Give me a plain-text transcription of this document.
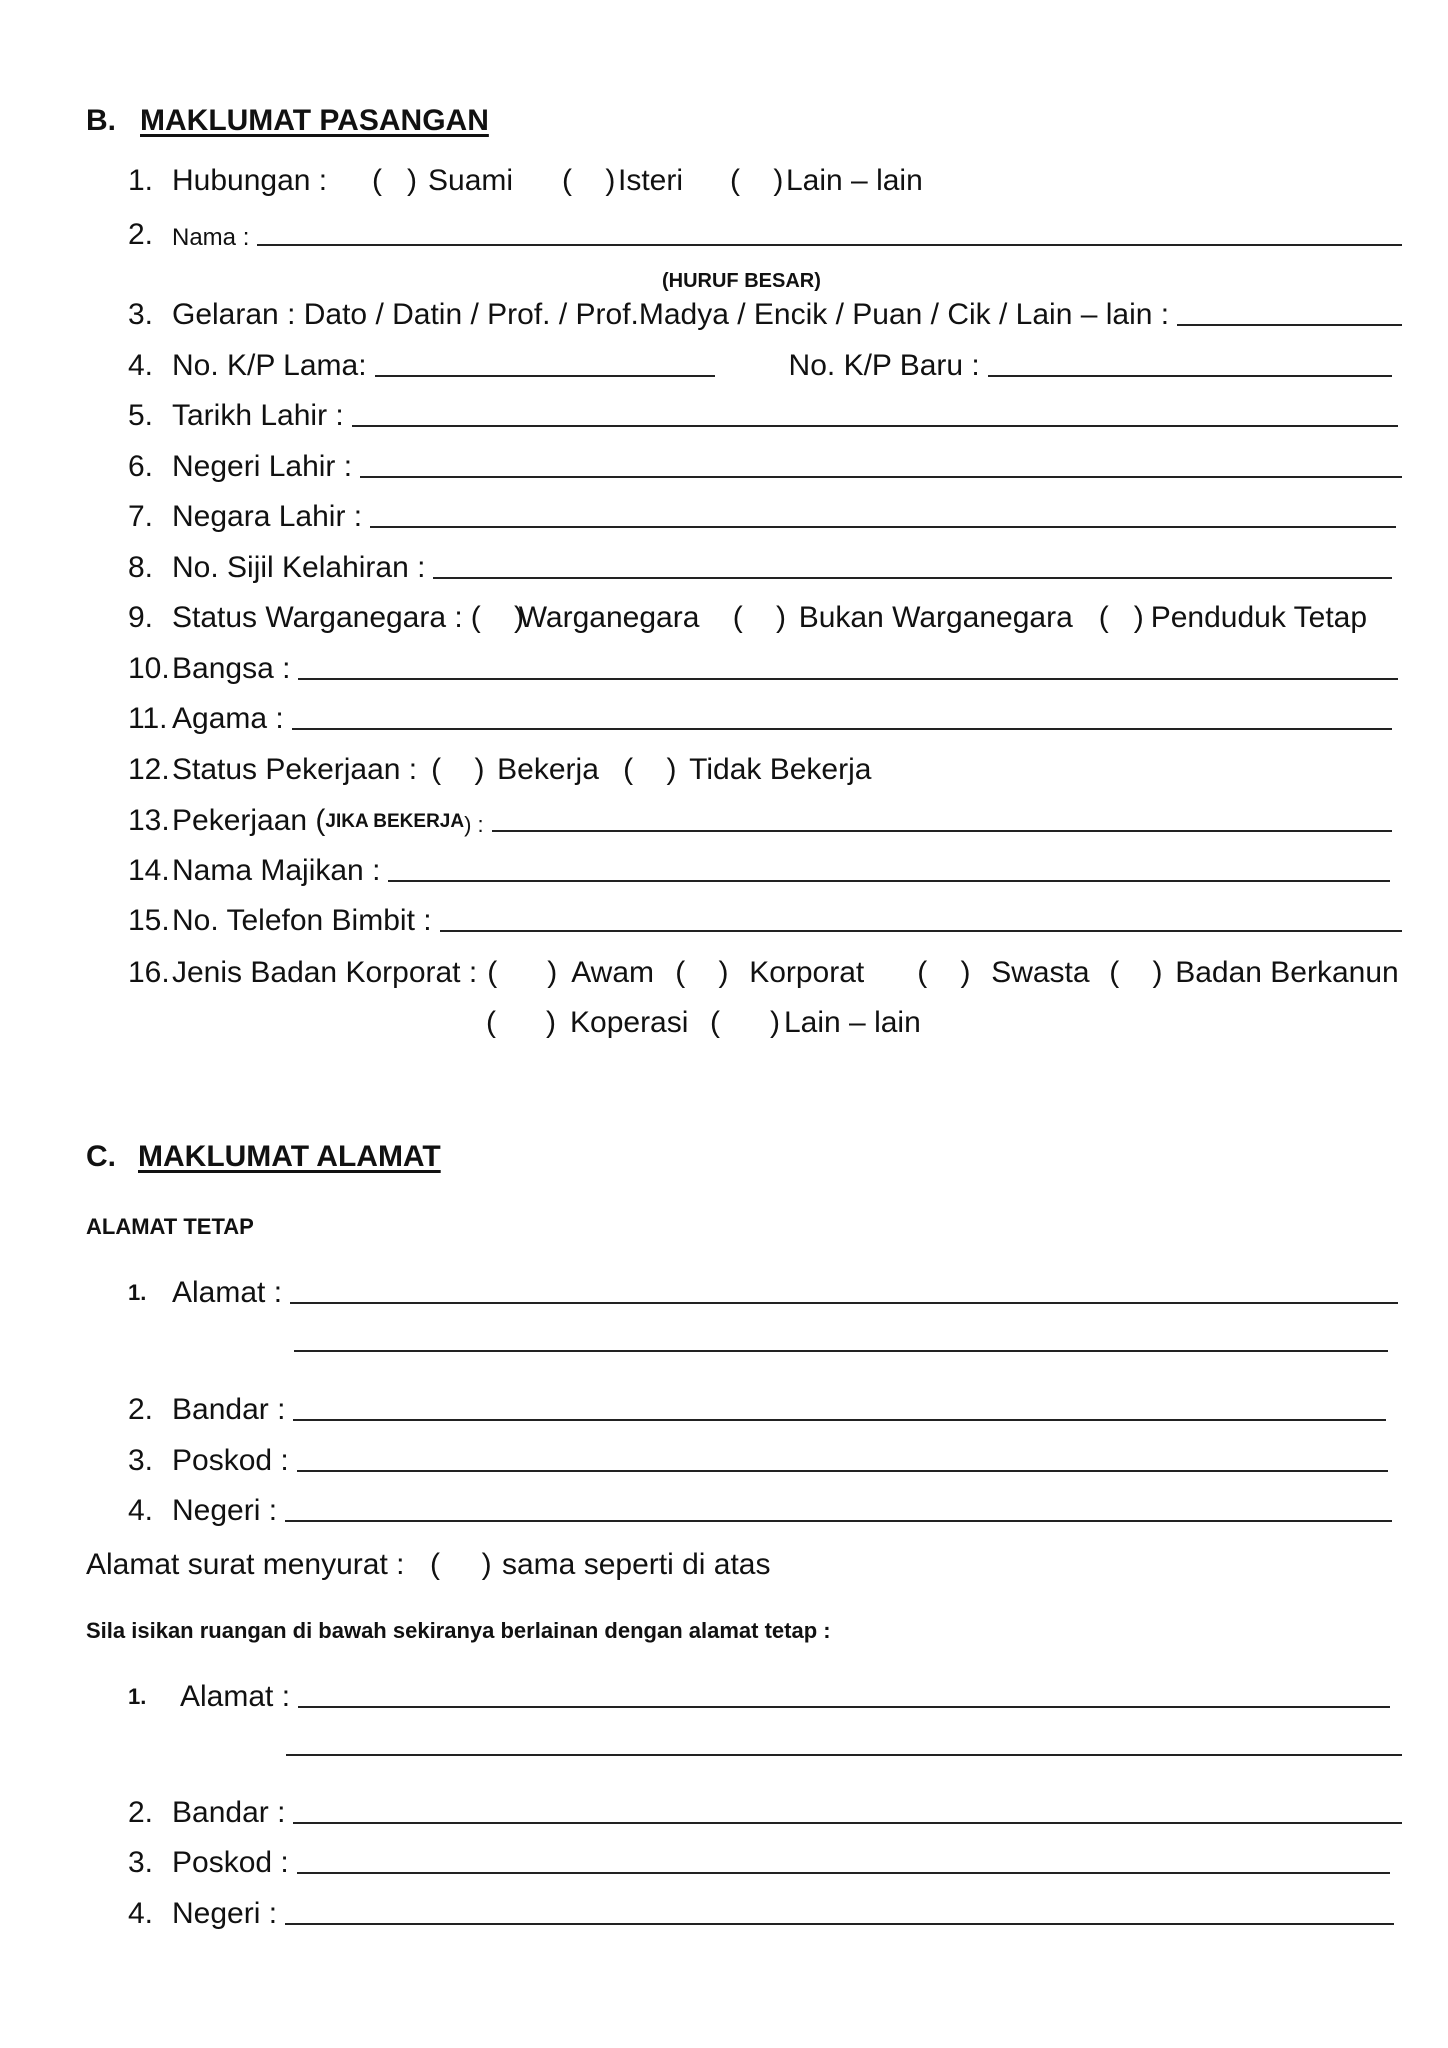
B. MAKLUMAT PASANGAN
1. Hubungan :	(   ) Suami	(    ) Isteri	(    ) Lain – lain
2. Nama :
(HURUF BESAR)
3. Gelaran : Dato / Datin / Prof. / Prof.Madya / Encik / Puan / Cik / Lain – lain :
4. No. K/P Lama:	No. K/P Baru :
5. Tarikh Lahir :
6. Negeri Lahir :
7. Negara Lahir :
8. No. Sijil Kelahiran :
9. Status Warganegara : (    )
Warganegara	(    ) Bukan Warganegara (   ) Penduduk Tetap
10. Bangsa :
11. Agama :
12. Status Pekerjaan : (    ) Bekerja (    ) Tidak Bekerja
13. Pekerjaan ( JIKA BEKERJA ) :
14. Nama Majikan :
15. No. Telefon Bimbit :
16. Jenis Badan Korporat : (      ) Awam (    ) Korporat	(    ) Swasta (    ) Badan Berkanun
(      ) Koperasi (      ) Lain – lain
C. MAKLUMAT ALAMAT
ALAMAT TETAP
1. Alamat :
2. Bandar :
3. Poskod :
4. Negeri :
Alamat surat menyurat : (     ) sama seperti di atas
Sila isikan ruangan di bawah sekiranya berlainan dengan alamat tetap :
1.	Alamat :
2. Bandar :
3. Poskod :
4. Negeri :
